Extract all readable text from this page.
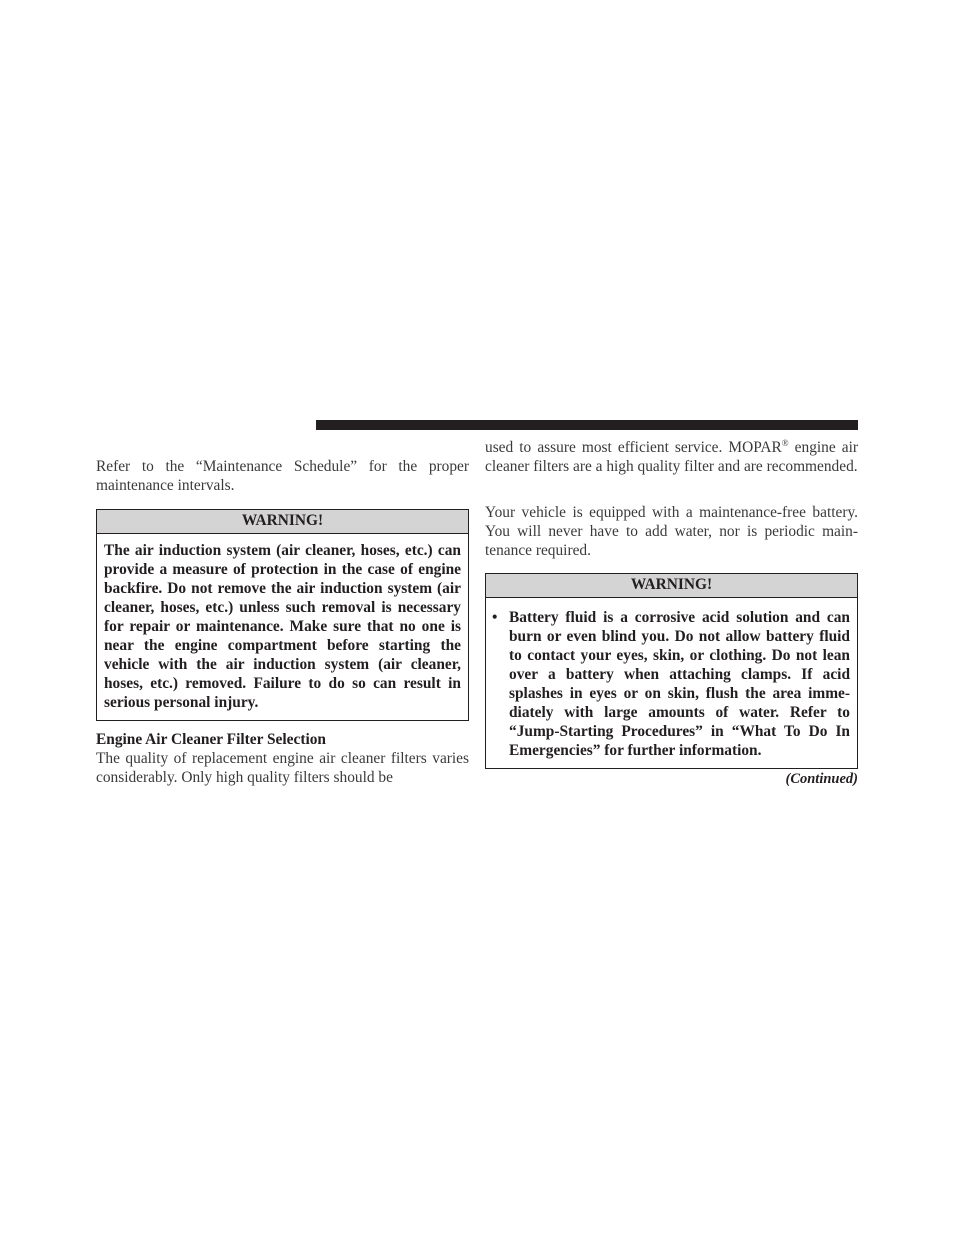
Refer to the “Maintenance Schedule” for the proper maintenance intervals.

WARNING!
The air induction system (air cleaner, hoses, etc.) can provide a measure of protection in the case of engine backfire. Do not remove the air induction system (air cleaner, hoses, etc.) unless such removal is necessary for repair or maintenance. Make sure that no one is near the engine compartment before starting the vehicle with the air induction system (air cleaner, hoses, etc.) removed. Failure to do so can result in serious personal injury.

Engine Air Cleaner Filter Selection

The quality of replacement engine air cleaner filters varies considerably. Only high quality filters should be

used to assure most efficient service. MOPAR® engine air cleaner filters are a high quality filter and are recommended.

Your vehicle is equipped with a maintenance-free battery. You will never have to add water, nor is periodic maintenance required.

WARNING!
• Battery fluid is a corrosive acid solution and can burn or even blind you. Do not allow battery fluid to contact your eyes, skin, or clothing. Do not lean over a battery when attaching clamps. If acid splashes in eyes or on skin, flush the area immediately with large amounts of water. Refer to “Jump-Starting Procedures” in “What To Do In Emergencies” for further information.
(Continued)
